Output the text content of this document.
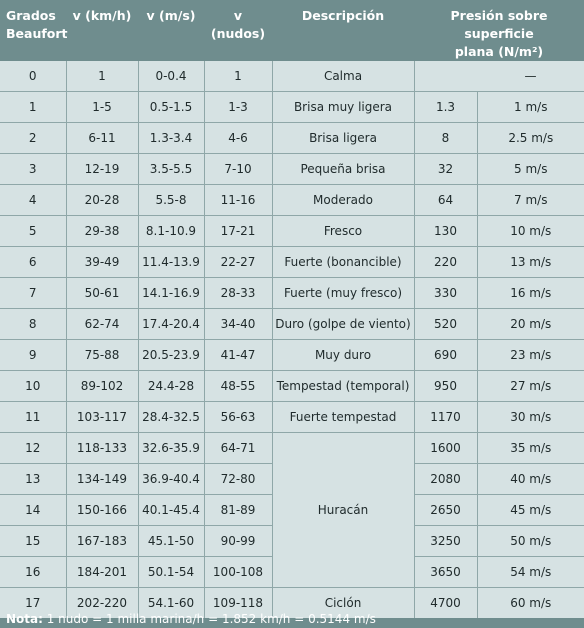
Grados
Beaufort	v (km/h)	v (m/s)	v (nudos)	Descripción	Presión sobre superficie
plana (N/m²)	
0	1	0-0.4	1	Calma		—
1	1-5	0.5-1.5	1-3	Brisa muy ligera	1.3	1 m/s
2	6-11	1.3-3.4	4-6	Brisa ligera	8	2.5 m/s
3	12-19	3.5-5.5	7-10	Pequeña brisa	32	5 m/s
4	20-28	5.5-8	11-16	Moderado	64	7 m/s
5	29-38	8.1-10.9	17-21	Fresco	130	10 m/s
6	39-49	11.4-13.9	22-27	Fuerte (bonancible)	220	13 m/s
7	50-61	14.1-16.9	28-33	Fuerte (muy fresco)	330	16 m/s
8	62-74	17.4-20.4	34-40	Duro (golpe de viento)	520	20 m/s
9	75-88	20.5-23.9	41-47	Muy duro	690	23 m/s
10	89-102	24.4-28	48-55	Tempestad (temporal)	950	27 m/s
11	103-117	28.4-32.5	56-63	Fuerte tempestad	1170	30 m/s
12	118-133	32.6-35.9	64-71	Huracán	1600	35 m/s
13	134-149	36.9-40.4	72-80		2080	40 m/s
14	150-166	40.1-45.4	81-89		2650	45 m/s
15	167-183	45.1-50	90-99		3250	50 m/s
16	184-201	50.1-54	100-108		3650	54 m/s
17	202-220	54.1-60	109-118	Ciclón	4700	60 m/s
Nota: 1 nudo = 1 milla marina/h = 1.852 km/h = 0.5144 m/s
